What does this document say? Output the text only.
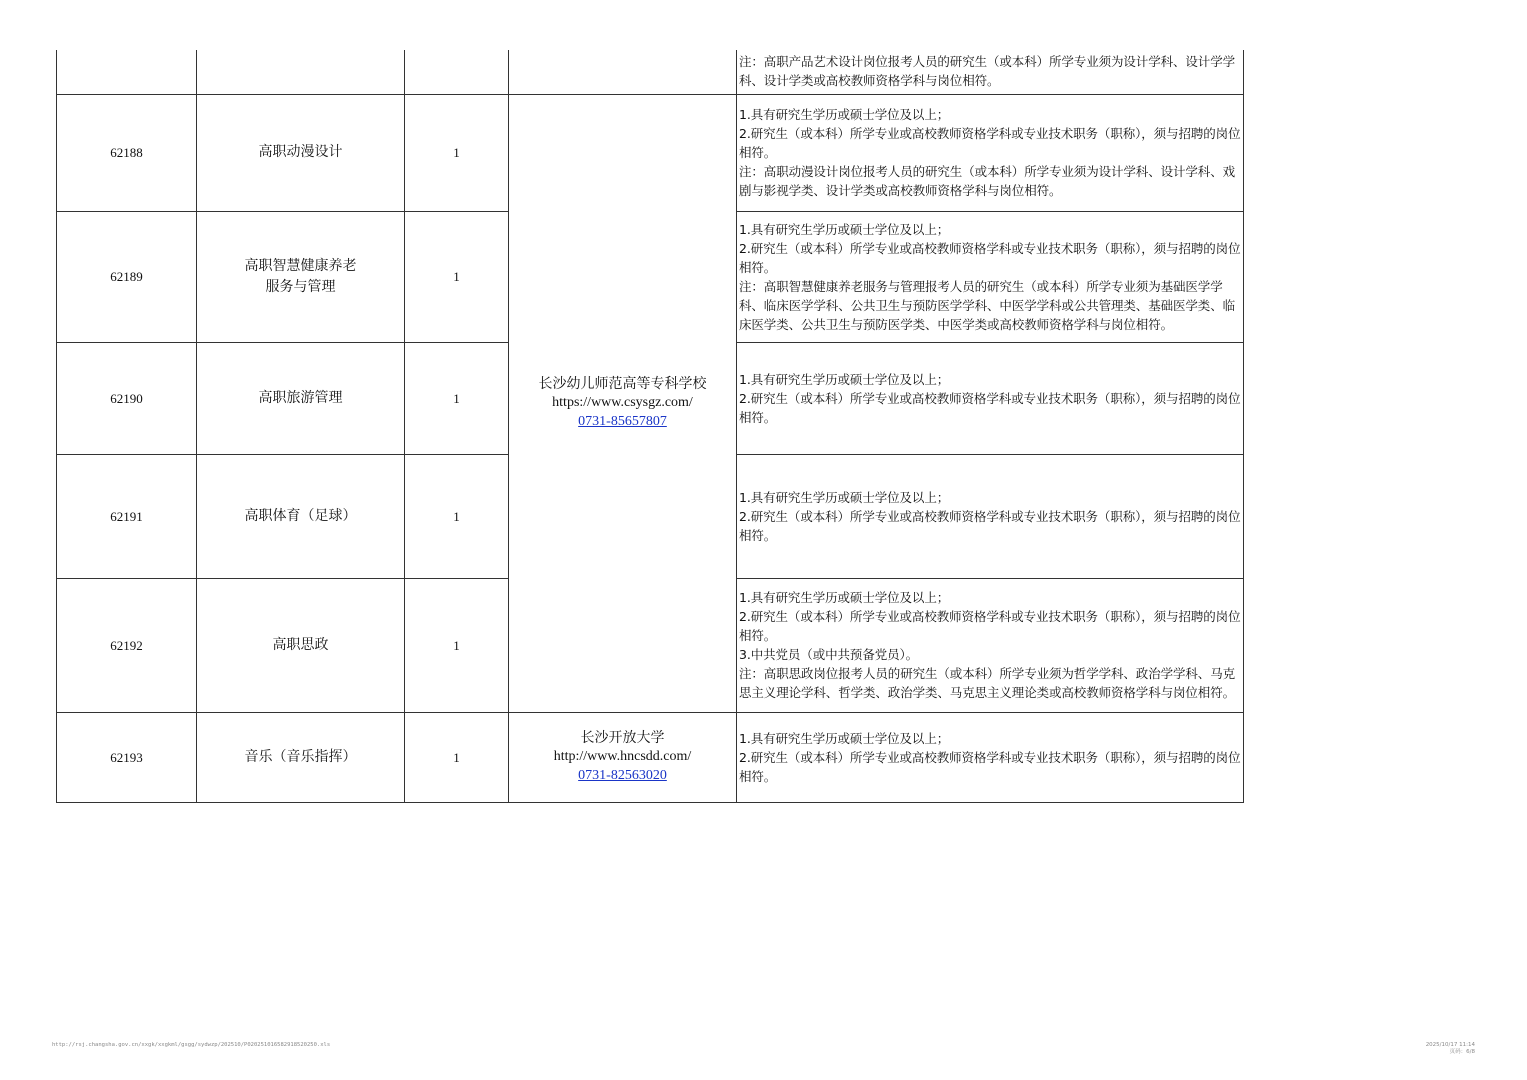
				注：高职产品艺术设计岗位报考人员的研究生（或本科）所学专业须为设计学科、设计学学科、设计学类或高校教师资格学科与岗位相符。

62188	高职动漫设计	1	长沙幼儿师范高等专科学校
https://www.csysgz.com/
0731-85657807	1.具有研究生学历或硕士学位及以上；
2.研究生（或本科）所学专业或高校教师资格学科或专业技术职务（职称），须与招聘的岗位相符。
注：高职动漫设计岗位报考人员的研究生（或本科）所学专业须为设计学科、设计学科、戏剧与影视学类、设计学类或高校教师资格学科与岗位相符。

62189	高职智慧健康养老
服务与管理	1		1.具有研究生学历或硕士学位及以上；
2.研究生（或本科）所学专业或高校教师资格学科或专业技术职务（职称），须与招聘的岗位相符。
注：高职智慧健康养老服务与管理报考人员的研究生（或本科）所学专业须为基础医学学科、临床医学学科、公共卫生与预防医学学科、中医学学科或公共管理类、基础医学类、临床医学类、公共卫生与预防医学类、中医学类或高校教师资格学科与岗位相符。

62190	高职旅游管理	1		1.具有研究生学历或硕士学位及以上；
2.研究生（或本科）所学专业或高校教师资格学科或专业技术职务（职称），须与招聘的岗位相符。

62191	高职体育（足球）	1		1.具有研究生学历或硕士学位及以上；
2.研究生（或本科）所学专业或高校教师资格学科或专业技术职务（职称），须与招聘的岗位相符。

62192	高职思政	1		1.具有研究生学历或硕士学位及以上；
2.研究生（或本科）所学专业或高校教师资格学科或专业技术职务（职称），须与招聘的岗位相符。
3.中共党员（或中共预备党员）。
注：高职思政岗位报考人员的研究生（或本科）所学专业须为哲学学科、政治学学科、马克思主义理论学科、哲学类、政治学类、马克思主义理论类或高校教师资格学科与岗位相符。

62193	音乐（音乐指挥）	1	长沙开放大学
http://www.hncsdd.com/
0731-82563020	1.具有研究生学历或硕士学位及以上；
2.研究生（或本科）所学专业或高校教师资格学科或专业技术职务（职称），须与招聘的岗位相符。
http://rsj.changsha.gov.cn/xxgk/xxgkml/gsgg/sydwzp/202510/P020251016582918520250.xls	2025/10/17 11:14
页码：6/8
